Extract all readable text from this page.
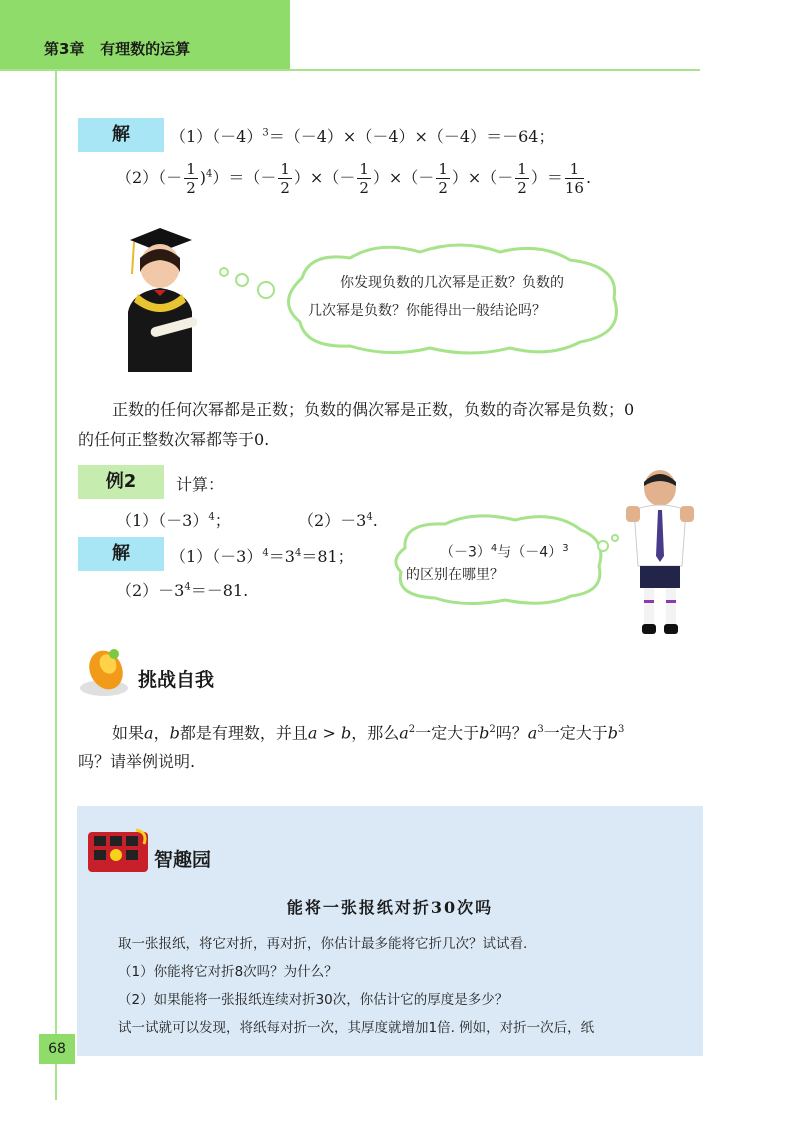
第3章 有理数的运算
解	$(1)(-4)^3=(-4)\times(-4)\times(-4)=-64$；
$(2)(- \frac{1}{2} )^4)=(- \frac{1}{2}$ ）×（－ $\frac{1}{2}$ ）×（－ $\frac{1}{2}$ ）×（－ $\frac{1}{2}$ ）＝ $\frac{1}{16}$ .
你发现负数的几次幂是正数？负数的
几次幂是负数？你能得出一般结论吗？
正数的任何次幂都是正数；负数的偶次幂是正数，负数的奇次幂是负数；0
的任何正整数次幂都等于0.
例2	计算：
$(1)(-3)^4$；	$(2)-3^4$.
解	$(1)(-3)^4=3^4=81$；
$(2)-3^4=-81$.
$(-3)^4$与$(-4)^3$
的区别在哪里？
挑战自我
如果a，b都是有理数，并且a > b，那么$a^2$一定大于$b^2$吗？$a^3$一定大于$b^3$
吗？请举例说明.
智趣园
能将一张报纸对折30次吗
取一张报纸，将它对折，再对折，你估计最多能将它折几次？试试看.
（1）你能将它对折8次吗？为什么？
（2）如果能将一张报纸连续对折30次，你估计它的厚度是多少？
试一试就可以发现，将纸每对折一次，其厚度就增加1倍. 例如，对折一次后，纸
68
